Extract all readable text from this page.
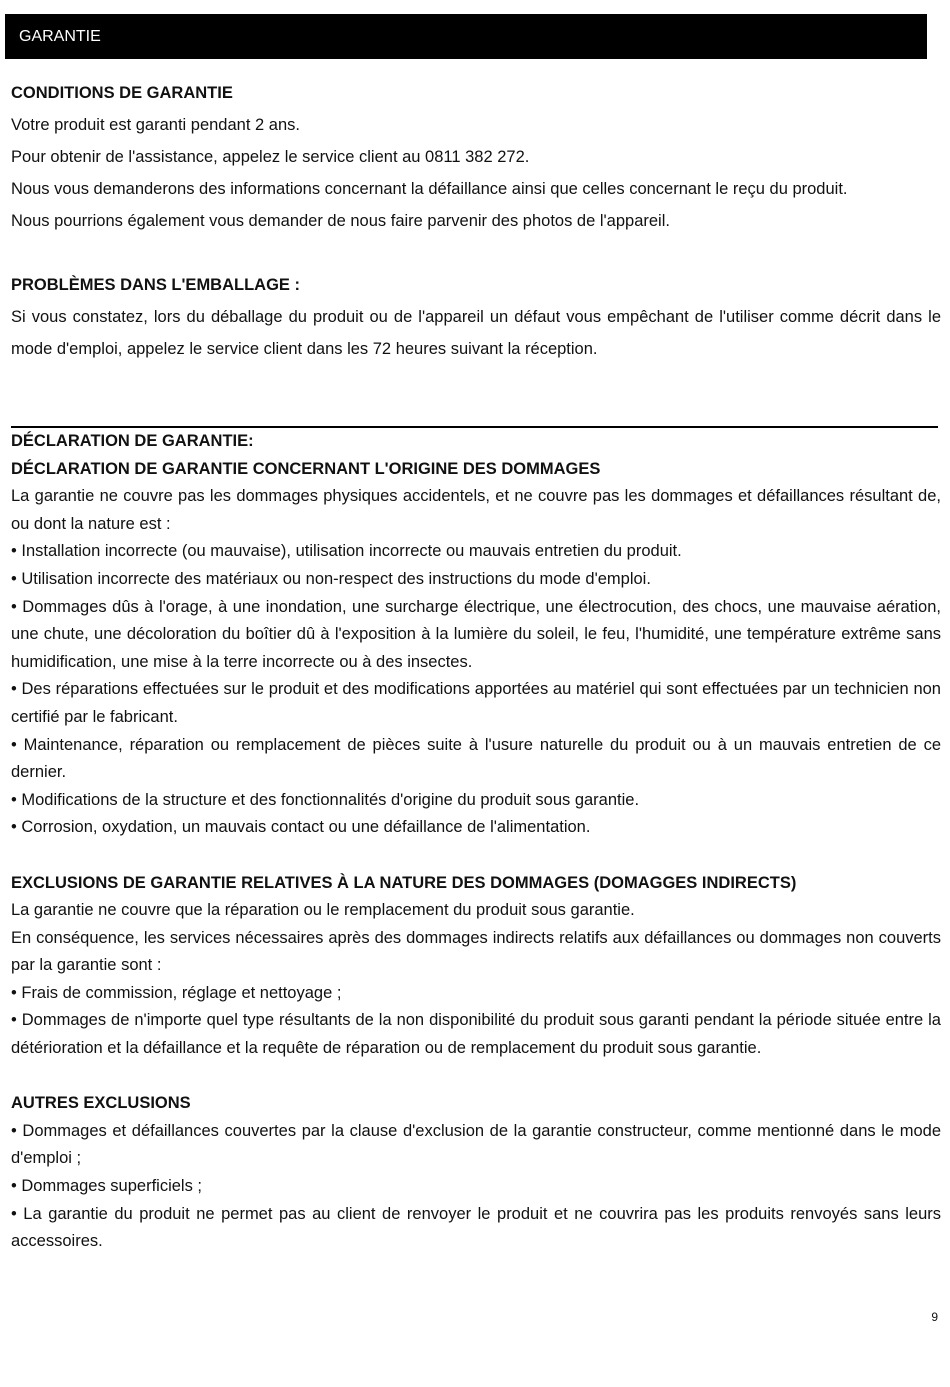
GARANTIE

CONDITIONS DE GARANTIE

Votre produit est garanti pendant 2 ans.

Pour obtenir de l'assistance, appelez le service client au 0811 382 272.

Nous vous demanderons des informations concernant la défaillance ainsi que celles concernant le reçu du produit.

Nous pourrions également vous demander de nous faire parvenir des photos de l'appareil.

PROBLÈMES DANS L'EMBALLAGE :

Si vous constatez, lors du déballage du produit ou de l'appareil un défaut vous empêchant de l'utiliser comme décrit dans le mode d'emploi, appelez le service client dans les 72 heures suivant la réception.

DÉCLARATION DE GARANTIE:

DÉCLARATION DE GARANTIE CONCERNANT L'ORIGINE DES DOMMAGES

La garantie ne couvre pas les dommages physiques accidentels, et ne couvre pas les dommages et défaillances résultant de, ou dont la nature est :

• Installation incorrecte (ou mauvaise), utilisation incorrecte ou mauvais entretien du produit.

• Utilisation incorrecte des matériaux ou non-respect des instructions du mode d'emploi.

• Dommages dûs à l'orage, à une inondation, une surcharge électrique, une électrocution, des chocs, une mauvaise aération, une chute, une décoloration du boîtier dû à l'exposition à la lumière du soleil, le feu, l'humidité, une température extrême sans humidification, une mise à la terre incorrecte ou à des insectes.

• Des réparations effectuées sur le produit et des modifications apportées au matériel qui sont effectuées par un technicien non certifié par le fabricant.

• Maintenance, réparation ou remplacement de pièces suite à l'usure naturelle du produit ou à un mauvais entretien de ce dernier.

• Modifications de la structure et des fonctionnalités d'origine du produit sous garantie.

• Corrosion, oxydation, un mauvais contact ou une défaillance de l'alimentation.

EXCLUSIONS DE GARANTIE RELATIVES À LA NATURE DES DOMMAGES (DOMAGGES INDIRECTS)

La garantie ne couvre que la réparation ou le remplacement du produit sous garantie.

En conséquence, les services nécessaires après des dommages indirects relatifs aux défaillances ou dommages non couverts par la garantie sont :

• Frais de commission, réglage et nettoyage ;

• Dommages de n'importe quel type résultants de la non disponibilité du produit sous garanti pendant la période située entre la détérioration et la défaillance et la requête de réparation ou de remplacement du produit sous garantie.

AUTRES EXCLUSIONS

• Dommages et défaillances couvertes par la clause d'exclusion de la garantie constructeur, comme mentionné dans le mode d'emploi ;

• Dommages superficiels ;

• La garantie du produit ne permet pas au client de renvoyer le produit et ne couvrira pas les produits renvoyés sans leurs accessoires.

9
